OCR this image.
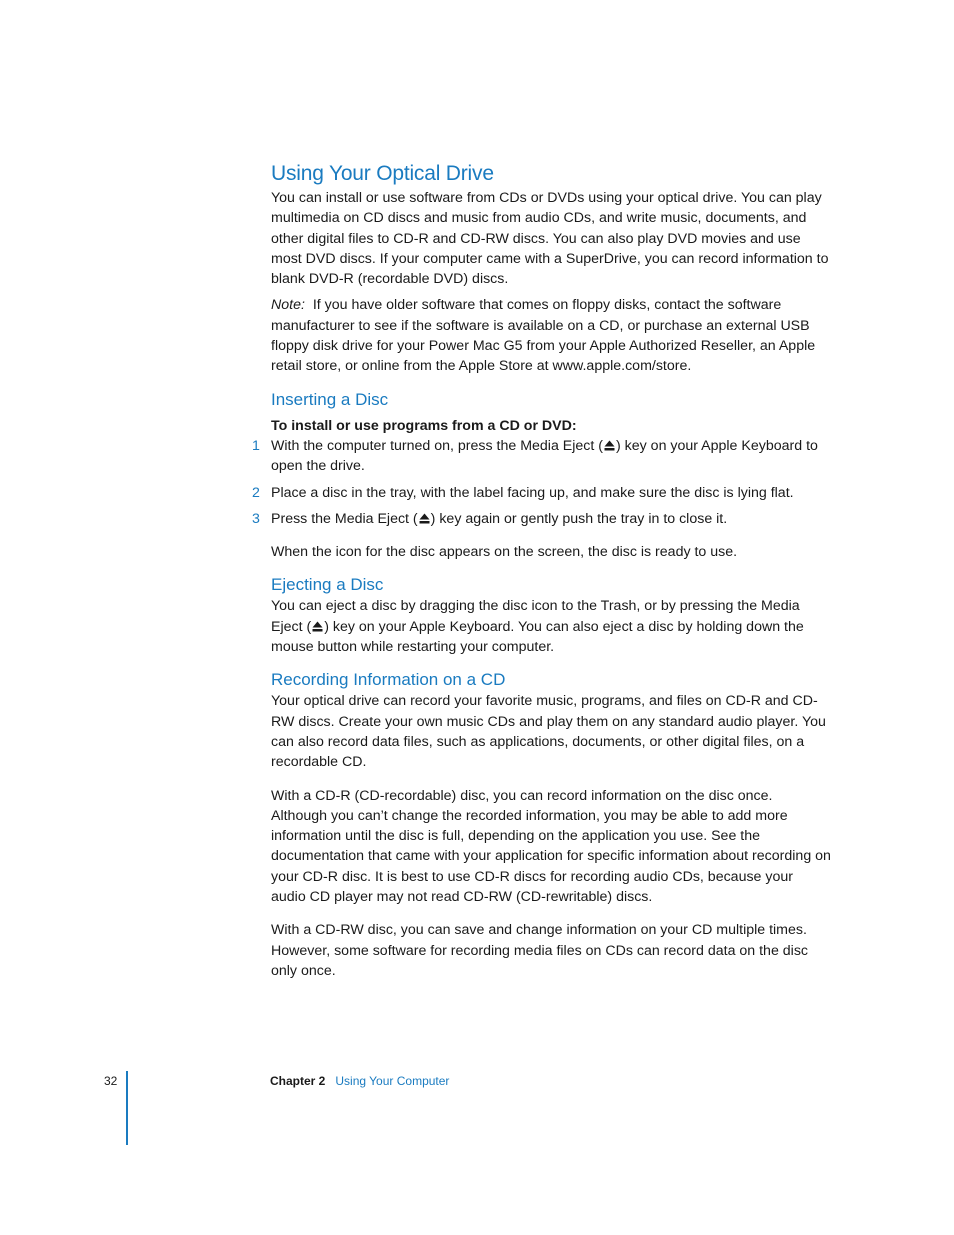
Using Your Optical Drive

You can install or use software from CDs or DVDs using your optical drive. You can play multimedia on CD discs and music from audio CDs, and write music, documents, and other digital files to CD-R and CD-RW discs. You can also play DVD movies and use most DVD discs. If your computer came with a SuperDrive, you can record information to blank DVD-R (recordable DVD) discs.

Note: If you have older software that comes on floppy disks, contact the software manufacturer to see if the software is available on a CD, or purchase an external USB floppy disk drive for your Power Mac G5 from your Apple Authorized Reseller, an Apple retail store, or online from the Apple Store at www.apple.com/store.

Inserting a Disc

To install or use programs from a CD or DVD:

1 With the computer turned on, press the Media Eject ( ) key on your Apple Keyboard to open the drive.
2 Place a disc in the tray, with the label facing up, and make sure the disc is lying flat.
3 Press the Media Eject ( ) key again or gently push the tray in to close it.

When the icon for the disc appears on the screen, the disc is ready to use.

Ejecting a Disc

You can eject a disc by dragging the disc icon to the Trash, or by pressing the Media Eject ( ) key on your Apple Keyboard. You can also eject a disc by holding down the mouse button while restarting your computer.

Recording Information on a CD

Your optical drive can record your favorite music, programs, and files on CD-R and CD-RW discs. Create your own music CDs and play them on any standard audio player. You can also record data files, such as applications, documents, or other digital files, on a recordable CD.

With a CD-R (CD-recordable) disc, you can record information on the disc once. Although you can’t change the recorded information, you may be able to add more information until the disc is full, depending on the application you use. See the documentation that came with your application for specific information about recording on your CD-R disc. It is best to use CD-R discs for recording audio CDs, because your audio CD player may not read CD-RW (CD-rewritable) discs.

With a CD-RW disc, you can save and change information on your CD multiple times. However, some software for recording media files on CDs can record data on the disc only once.

32	Chapter 2 Using Your Computer
